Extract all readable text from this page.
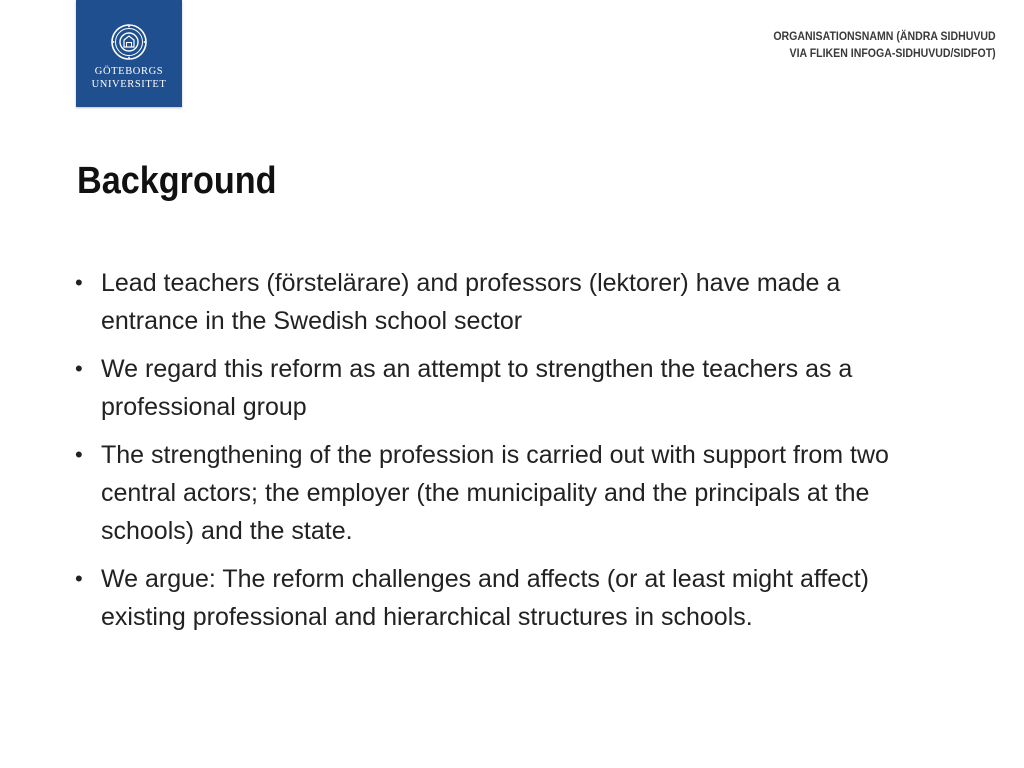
GÖTEBORGS
UNIVERSITET
ORGANISATIONSNAMN (ÄNDRA SIDHUVUD
VIA FLIKEN INFOGA-SIDHUVUD/SIDFOT)
Background
• Lead teachers (förstelärare) and professors (lektorer) have made a entrance in the Swedish school sector
• We regard this reform as an attempt to strengthen the teachers as a professional group
• The strengthening of the profession is carried out with support from two central actors; the employer (the municipality and the principals at the schools) and the state.
• We argue: The reform challenges and affects (or at least might affect) existing professional and hierarchical structures in schools.
